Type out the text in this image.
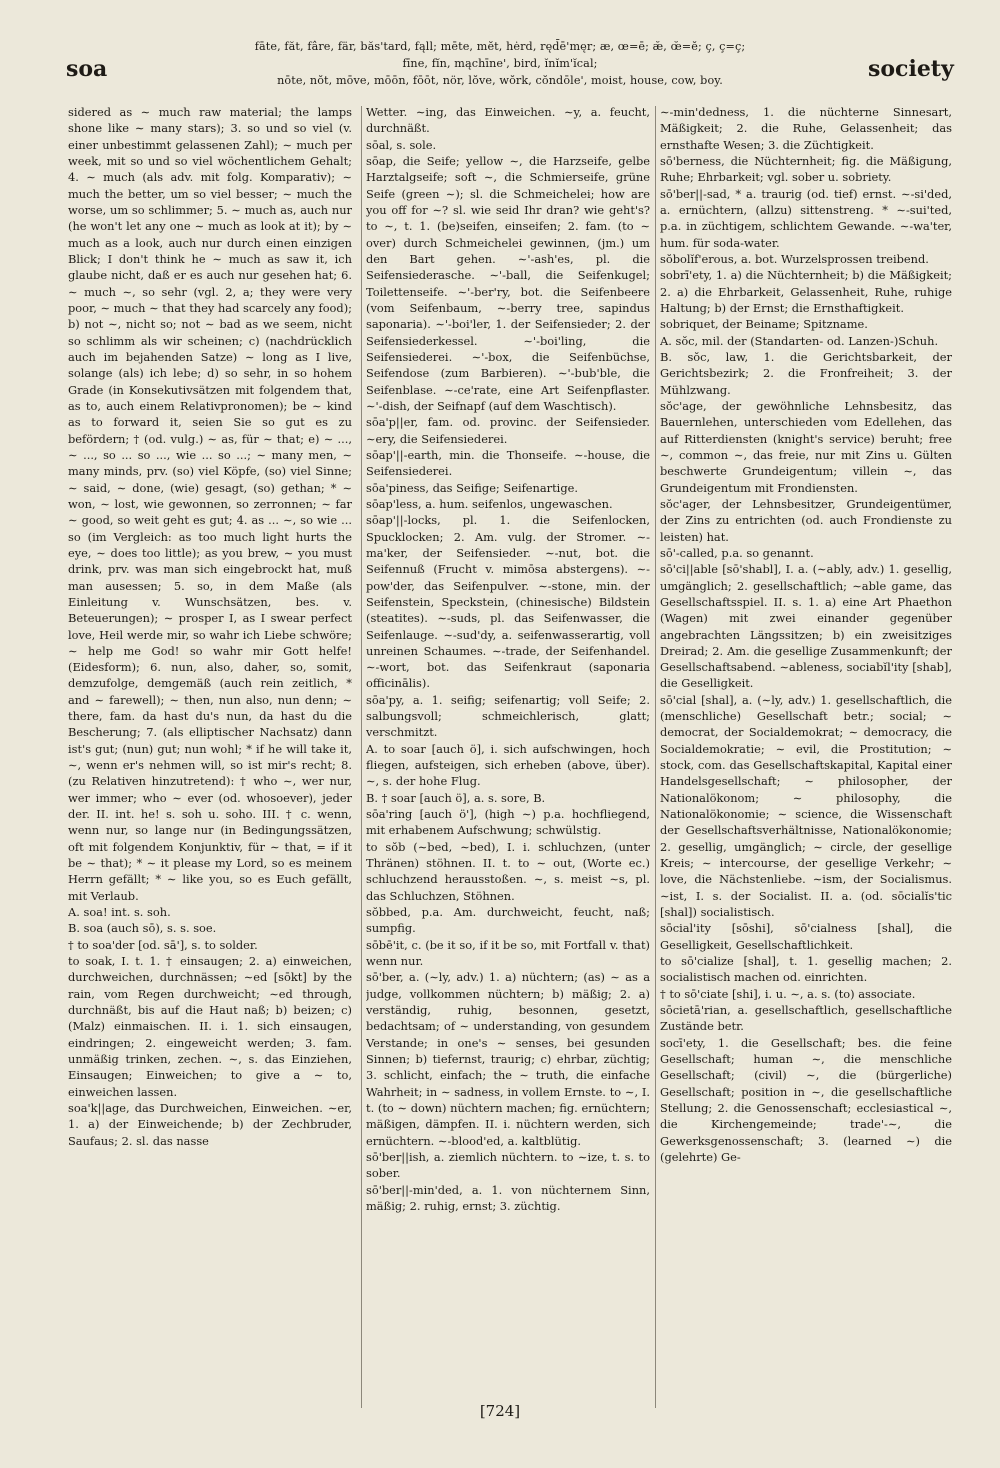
fāte, făt, fâre, fär, băs'tard, fąll; mēte, mĕt, hėrd, ręd̄ē'męr; æ, œ=ē; æ̆, œ̆=ĕ; ç, ç=ç;
fīne, fĭn, mąchīne', bird, ĭnĭm'ĭcal;
nōte, nŏt, mōve, mōōn, fōōt, nör, lŏve, wŏrk, cŏndōle', moist, house, cow, boy.
soa	society

sidered as ∼ much raw material; the lamps shone like ∼ many stars); 3. so und so viel (v. einer unbestimmt gelassenen Zahl); ∼ much per week, mit so und so viel wöchentlichem Gehalt; 4. ∼ much (als adv. mit folg. Komparativ); ∼ much the better, um so viel besser; ∼ much the worse, um so schlimmer; 5. ∼ much as, auch nur (he won't let any one ∼ much as look at it); by ∼ much as a look, auch nur durch einen einzigen Blick; I don't think he ∼ much as saw it, ich glaube nicht, daß er es auch nur gesehen hat; 6. ∼ much ∼, so sehr (vgl. 2, a; they were very poor, ∼ much ∼ that they had scarcely any food); b) not ∼, nicht so; not ∼ bad as we seem, nicht so schlimm als wir scheinen; c) (nachdrücklich auch im bejahenden Satze) ∼ long as I live, solange (als) ich lebe; d) so sehr, in so hohem Grade (in Konsekutivsätzen mit folgendem that, as to, auch einem Relativpronomen); be ∼ kind as to forward it, seien Sie so gut es zu befördern; † (od. vulg.) ∼ as, für ∼ that; e) ∼ ..., ∼ ..., so ... so ..., wie ... so ...; ∼ many men, ∼ many minds, prv. (so) viel Köpfe, (so) viel Sinne; ∼ said, ∼ done, (wie) gesagt, (so) gethan; * ∼ won, ∼ lost, wie gewonnen, so zerronnen; ∼ far ∼ good, so weit geht es gut; 4. as ... ∼, so wie ... so (im Vergleich: as too much light hurts the eye, ∼ does too little); as you brew, ∼ you must drink, prv. was man sich eingebrockt hat, muß man ausessen; 5. so, in dem Maße (als Einleitung v. Wunschsätzen, bes. v. Beteuerungen); ∼ prosper I, as I swear perfect love, Heil werde mir, so wahr ich Liebe schwöre; ∼ help me God! so wahr mir Gott helfe! (Eidesform); 6. nun, also, daher, so, somit, demzufolge, demgemäß (auch rein zeitlich, * and ∼ farewell); ∼ then, nun also, nun denn; ∼ there, fam. da hast du's nun, da hast du die Bescherung; 7. (als elliptischer Nachsatz) dann ist's gut; (nun) gut; nun wohl; * if he will take it, ∼, wenn er's nehmen will, so ist mir's recht; 8. (zu Relativen hinzutretend): † who ∼, wer nur, wer immer; who ∼ ever (od. whosoever), jeder der. II. int. he! s. soh u. soho. III. † c. wenn, wenn nur, so lange nur (in Bedingungssätzen, oft mit folgendem Konjunktiv, für ∼ that, = if it be ∼ that); * ∼ it please my Lord, so es meinem Herrn gefällt; * ∼ like you, so es Euch gefällt, mit Verlaub.

A. soa! int. s. soh.

B. soa (auch sō), s. s. soe.

† to soa'der [od. sā'], s. to solder.

to soak, I. t. 1. † einsaugen; 2. a) einweichen, durchweichen, durchnässen; ∼ed [sōkt] by the rain, vom Regen durchweicht; ∼ed through, durchnäßt, bis auf die Haut naß; b) beizen; c) (Malz) einmaischen. II. i. 1. sich einsaugen, eindringen; 2. eingeweicht werden; 3. fam. unmäßig trinken, zechen. ∼, s. das Einziehen, Einsaugen; Einweichen; to give a ∼ to, einweichen lassen.

soa'k||age, das Durchweichen, Einweichen. ∼er, 1. a) der Einweichende; b) der Zechbruder, Saufaus; 2. sl. das nasse

Wetter. ∼ing, das Einweichen. ∼y, a. feucht, durchnäßt.

sōal, s. sole.

sōap, die Seife; yellow ∼, die Harzseife, gelbe Harztalgseife; soft ∼, die Schmierseife, grüne Seife (green ∼); sl. die Schmeichelei; how are you off for ∼? sl. wie seid Ihr dran? wie geht's? to ∼, t. 1. (be)seifen, einseifen; 2. fam. (to ∼ over) durch Schmeichelei gewinnen, (jm.) um den Bart gehen. ∼'-ash'es, pl. die Seifensiederasche. ∼'-ball, die Seifenkugel; Toilettenseife. ∼'-ber'ry, bot. die Seifenbeere (vom Seifenbaum, ∼-berry tree, sapindus saponaria). ∼'-boi'ler, 1. der Seifensieder; 2. der Seifensiederkessel. ∼'-boi'ling, die Seifensiederei. ∼'-box, die Seifenbüchse, Seifendose (zum Barbieren). ∼'-bub'ble, die Seifenblase. ∼-ce'rate, eine Art Seifenpflaster. ∼'-dish, der Seifnapf (auf dem Waschtisch).

sōa'p||er, fam. od. provinc. der Seifensieder. ∼ery, die Seifensiederei.

sōap'||-earth, min. die Thonseife. ∼-house, die Seifensiederei.

sōa'piness, das Seifige; Seifenartige.

sōap'less, a. hum. seifenlos, ungewaschen.

sōap'||-locks, pl. 1. die Seifenlocken, Spucklocken; 2. Am. vulg. der Stromer. ∼-ma'ker, der Seifensieder. ∼-nut, bot. die Seifennuß (Frucht v. mimōsa abstergens). ∼-pow'der, das Seifenpulver. ∼-stone, min. der Seifenstein, Speckstein, (chinesische) Bildstein (steatites). ∼-suds, pl. das Seifenwasser, die Seifenlauge. ∼-sud'dy, a. seifenwasserartig, voll unreinen Schaumes. ∼-trade, der Seifenhandel. ∼-wort, bot. das Seifenkraut (saponaria officinālis).

sōa'py, a. 1. seifig; seifenartig; voll Seife; 2. salbungsvoll; schmeichlerisch, glatt; verschmitzt.

A. to soar [auch ö], i. sich aufschwingen, hoch fliegen, aufsteigen, sich erheben (above, über). ∼, s. der hohe Flug.

B. † soar [auch ö], a. s. sore, B.

sōa'ring [auch ö'], (high ∼) p.a. hochfliegend, mit erhabenem Aufschwung; schwülstig.

to sŏb (∼bed, ∼bed), I. i. schluchzen, (unter Thränen) stöhnen. II. t. to ∼ out, (Worte ec.) schluchzend herausstoßen. ∼, s. meist ∼s, pl. das Schluchzen, Stöhnen.

sŏbbed, p.a. Am. durchweicht, feucht, naß; sumpfig.

sōbē'it, c. (be it so, if it be so, mit Fortfall v. that) wenn nur.

sō'ber, a. (∼ly, adv.) 1. a) nüchtern; (as) ∼ as a judge, vollkommen nüchtern; b) mäßig; 2. a) verständig, ruhig, besonnen, gesetzt, bedachtsam; of ∼ understanding, von gesundem Verstande; in one's ∼ senses, bei gesunden Sinnen; b) tiefernst, traurig; c) ehrbar, züchtig; 3. schlicht, einfach; the ∼ truth, die einfache Wahrheit; in ∼ sadness, in vollem Ernste. to ∼, I. t. (to ∼ down) nüchtern machen; fig. ernüchtern; mäßigen, dämpfen. II. i. nüchtern werden, sich ernüchtern. ∼-blood'ed, a. kaltblütig.

sō'ber||ish, a. ziemlich nüchtern. to ∼ize, t. s. to sober.

sō'ber||-min'ded, a. 1. von nüchternem Sinn, mäßig; 2. ruhig, ernst; 3. züchtig.

∼-min'dedness, 1. die nüchterne Sinnesart, Mäßigkeit; 2. die Ruhe, Gelassenheit; das ernsthafte Wesen; 3. die Züchtigkeit.

sō'berness, die Nüchternheit; fig. die Mäßigung, Ruhe; Ehrbarkeit; vgl. sober u. sobriety.

sō'ber||-sad, * a. traurig (od. tief) ernst. ∼-si'ded, a. ernüchtern, (allzu) sittenstreng. * ∼-sui'ted, p.a. in züchtigem, schlichtem Gewande. ∼-wa'ter, hum. für soda-water.

sŏbolĭf'erous, a. bot. Wurzelsprossen treibend.

sobrī'ety, 1. a) die Nüchternheit; b) die Mäßigkeit; 2. a) die Ehrbarkeit, Gelassenheit, Ruhe, ruhige Haltung; b) der Ernst; die Ernsthaftigkeit.

sobriquet, der Beiname; Spitzname.

A. sŏc, mil. der (Standarten- od. Lanzen-)Schuh.

B. sŏc, law, 1. die Gerichtsbarkeit, der Gerichtsbezirk; 2. die Fronfreiheit; 3. der Mühlzwang.

sŏc'age, der gewöhnliche Lehnsbesitz, das Bauernlehen, unterschieden vom Edellehen, das auf Ritterdiensten (knight's service) beruht; free ∼, common ∼, das freie, nur mit Zins u. Gülten beschwerte Grundeigentum; villein ∼, das Grundeigentum mit Frondiensten.

sŏc'ager, der Lehnsbesitzer, Grundeigentümer, der Zins zu entrichten (od. auch Frondienste zu leisten) hat.

sō'-called, p.a. so genannt.

sō'ci||able [sō'shabl], I. a. (∼ably, adv.) 1. gesellig, umgänglich; 2. gesellschaftlich; ∼able game, das Gesellschaftsspiel. II. s. 1. a) eine Art Phaethon (Wagen) mit zwei einander gegenüber angebrachten Längssitzen; b) ein zweisitziges Dreirad; 2. Am. die gesellige Zusammenkunft; der Gesellschaftsabend. ∼ableness, sociabĭl'ity [shab], die Geselligkeit.

sō'cial [shal], a. (∼ly, adv.) 1. gesellschaftlich, die (menschliche) Gesellschaft betr.; social; ∼ democrat, der Socialdemokrat; ∼ democracy, die Socialdemokratie; ∼ evil, die Prostitution; ∼ stock, com. das Gesellschaftskapital, Kapital einer Handelsgesellschaft; ∼ philosopher, der Nationalökonom; ∼ philosophy, die Nationalökonomie; ∼ science, die Wissenschaft der Gesellschaftsverhältnisse, Nationalökonomie; 2. gesellig, umgänglich; ∼ circle, der gesellige Kreis; ∼ intercourse, der gesellige Verkehr; ∼ love, die Nächstenliebe. ∼ism, der Socialismus. ∼ist, I. s. der Socialist. II. a. (od. sōcialĭs'tic [shal]) socialistisch.

sōcial'ity [sōshi], sō'cialness [shal], die Geselligkeit, Gesellschaftlichkeit.

to sō'cialize [shal], t. 1. gesellig machen; 2. socialistisch machen od. einrichten.

† to sō'ciate [shi], i. u. ∼, a. s. (to) associate.

sōcietā'rian, a. gesellschaftlich, gesellschaftliche Zustände betr.

socī'ety, 1. die Gesellschaft; bes. die feine Gesellschaft; human ∼, die menschliche Gesellschaft; (civil) ∼, die (bürgerliche) Gesellschaft; position in ∼, die gesellschaftliche Stellung; 2. die Genossenschaft; ecclesiastical ∼, die Kirchengemeinde; trade'-∼, die Gewerksgenossenschaft; 3. (learned ∼) die (gelehrte) Ge-

[724]
